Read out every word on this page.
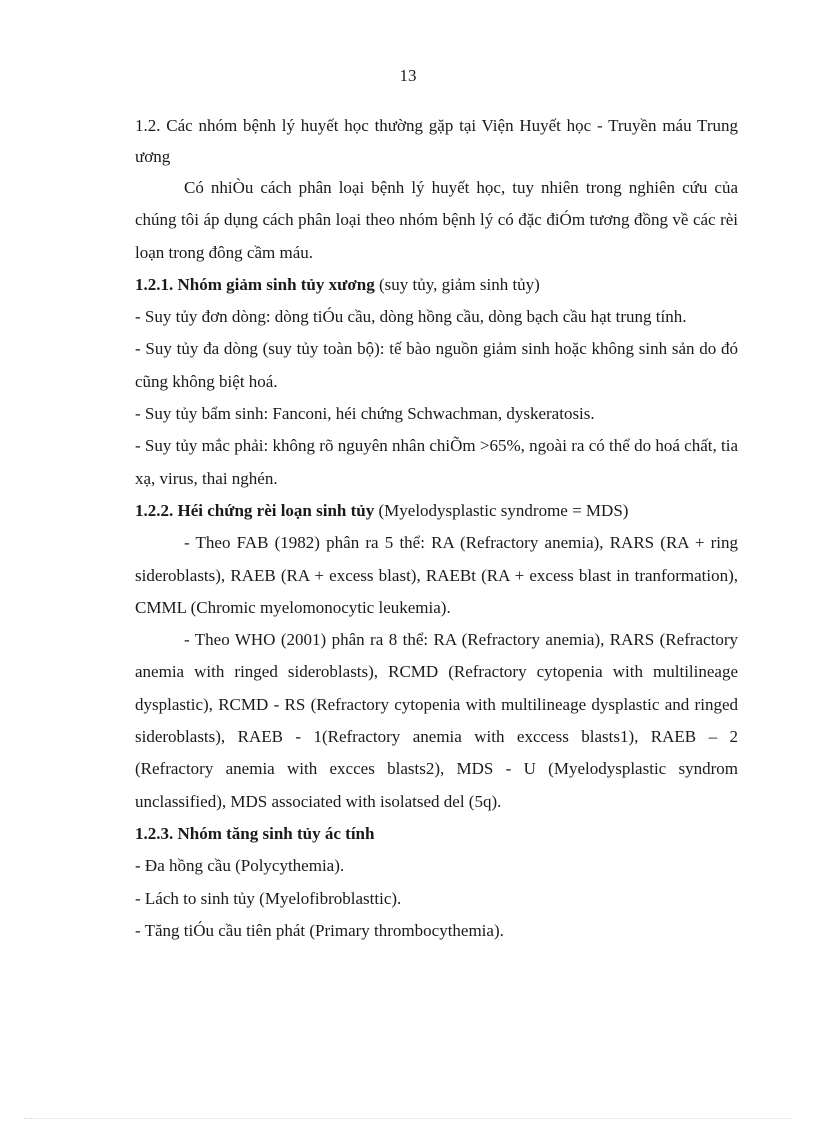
13

1.2. Các nhóm bệnh lý huyết học thường gặp tại Viện Huyết học - Truyền máu Trung ương

Có nhiÒu cách phân loại bệnh lý huyết học, tuy nhiên trong nghiên cứu của chúng tôi áp dụng cách phân loại theo nhóm bệnh lý có đặc điÓm tương đồng về các rèi loạn trong đông cầm máu.

1.2.1. Nhóm giảm sinh tủy xương (suy tủy, giảm sinh tủy)

- Suy tủy đơn dòng: dòng tiÓu cầu, dòng hồng cầu, dòng bạch cầu hạt trung tính.

- Suy tủy đa dòng (suy tủy toàn bộ): tế bào nguồn giảm sinh hoặc không sinh sản do đó cũng không biệt hoá.

- Suy tủy bẩm sinh: Fanconi, héi chứng Schwachman, dyskeratosis.

- Suy tủy mắc phải: không rõ nguyên nhân chiÕm >65%, ngoài ra có thể do hoá chất, tia xạ, virus, thai nghén.

1.2.2. Héi chứng rèi loạn sinh tủy (Myelodysplastic syndrome = MDS)

- Theo FAB (1982) phân ra 5 thể: RA (Refractory anemia), RARS (RA + ring sideroblasts), RAEB (RA + excess blast), RAEBt (RA + excess blast in tranformation), CMML (Chromic myelomonocytic leukemia).

- Theo WHO (2001) phân ra 8 thể: RA (Refractory anemia), RARS (Refractory anemia with ringed sideroblasts), RCMD (Refractory cytopenia with multilineage dysplastic), RCMD - RS (Refractory cytopenia with multilineage dysplastic and ringed sideroblasts), RAEB - 1(Refractory anemia with exccess blasts1), RAEB – 2 (Refractory anemia with excces blasts2), MDS - U (Myelodysplastic syndrom unclassified), MDS associated with isolatsed del (5q).

1.2.3. Nhóm tăng sinh tủy ác tính

- Đa hồng cầu (Polycythemia).

- Lách to sinh tủy (Myelofibroblasttic).

- Tăng tiÓu cầu tiên phát (Primary thrombocythemia).
